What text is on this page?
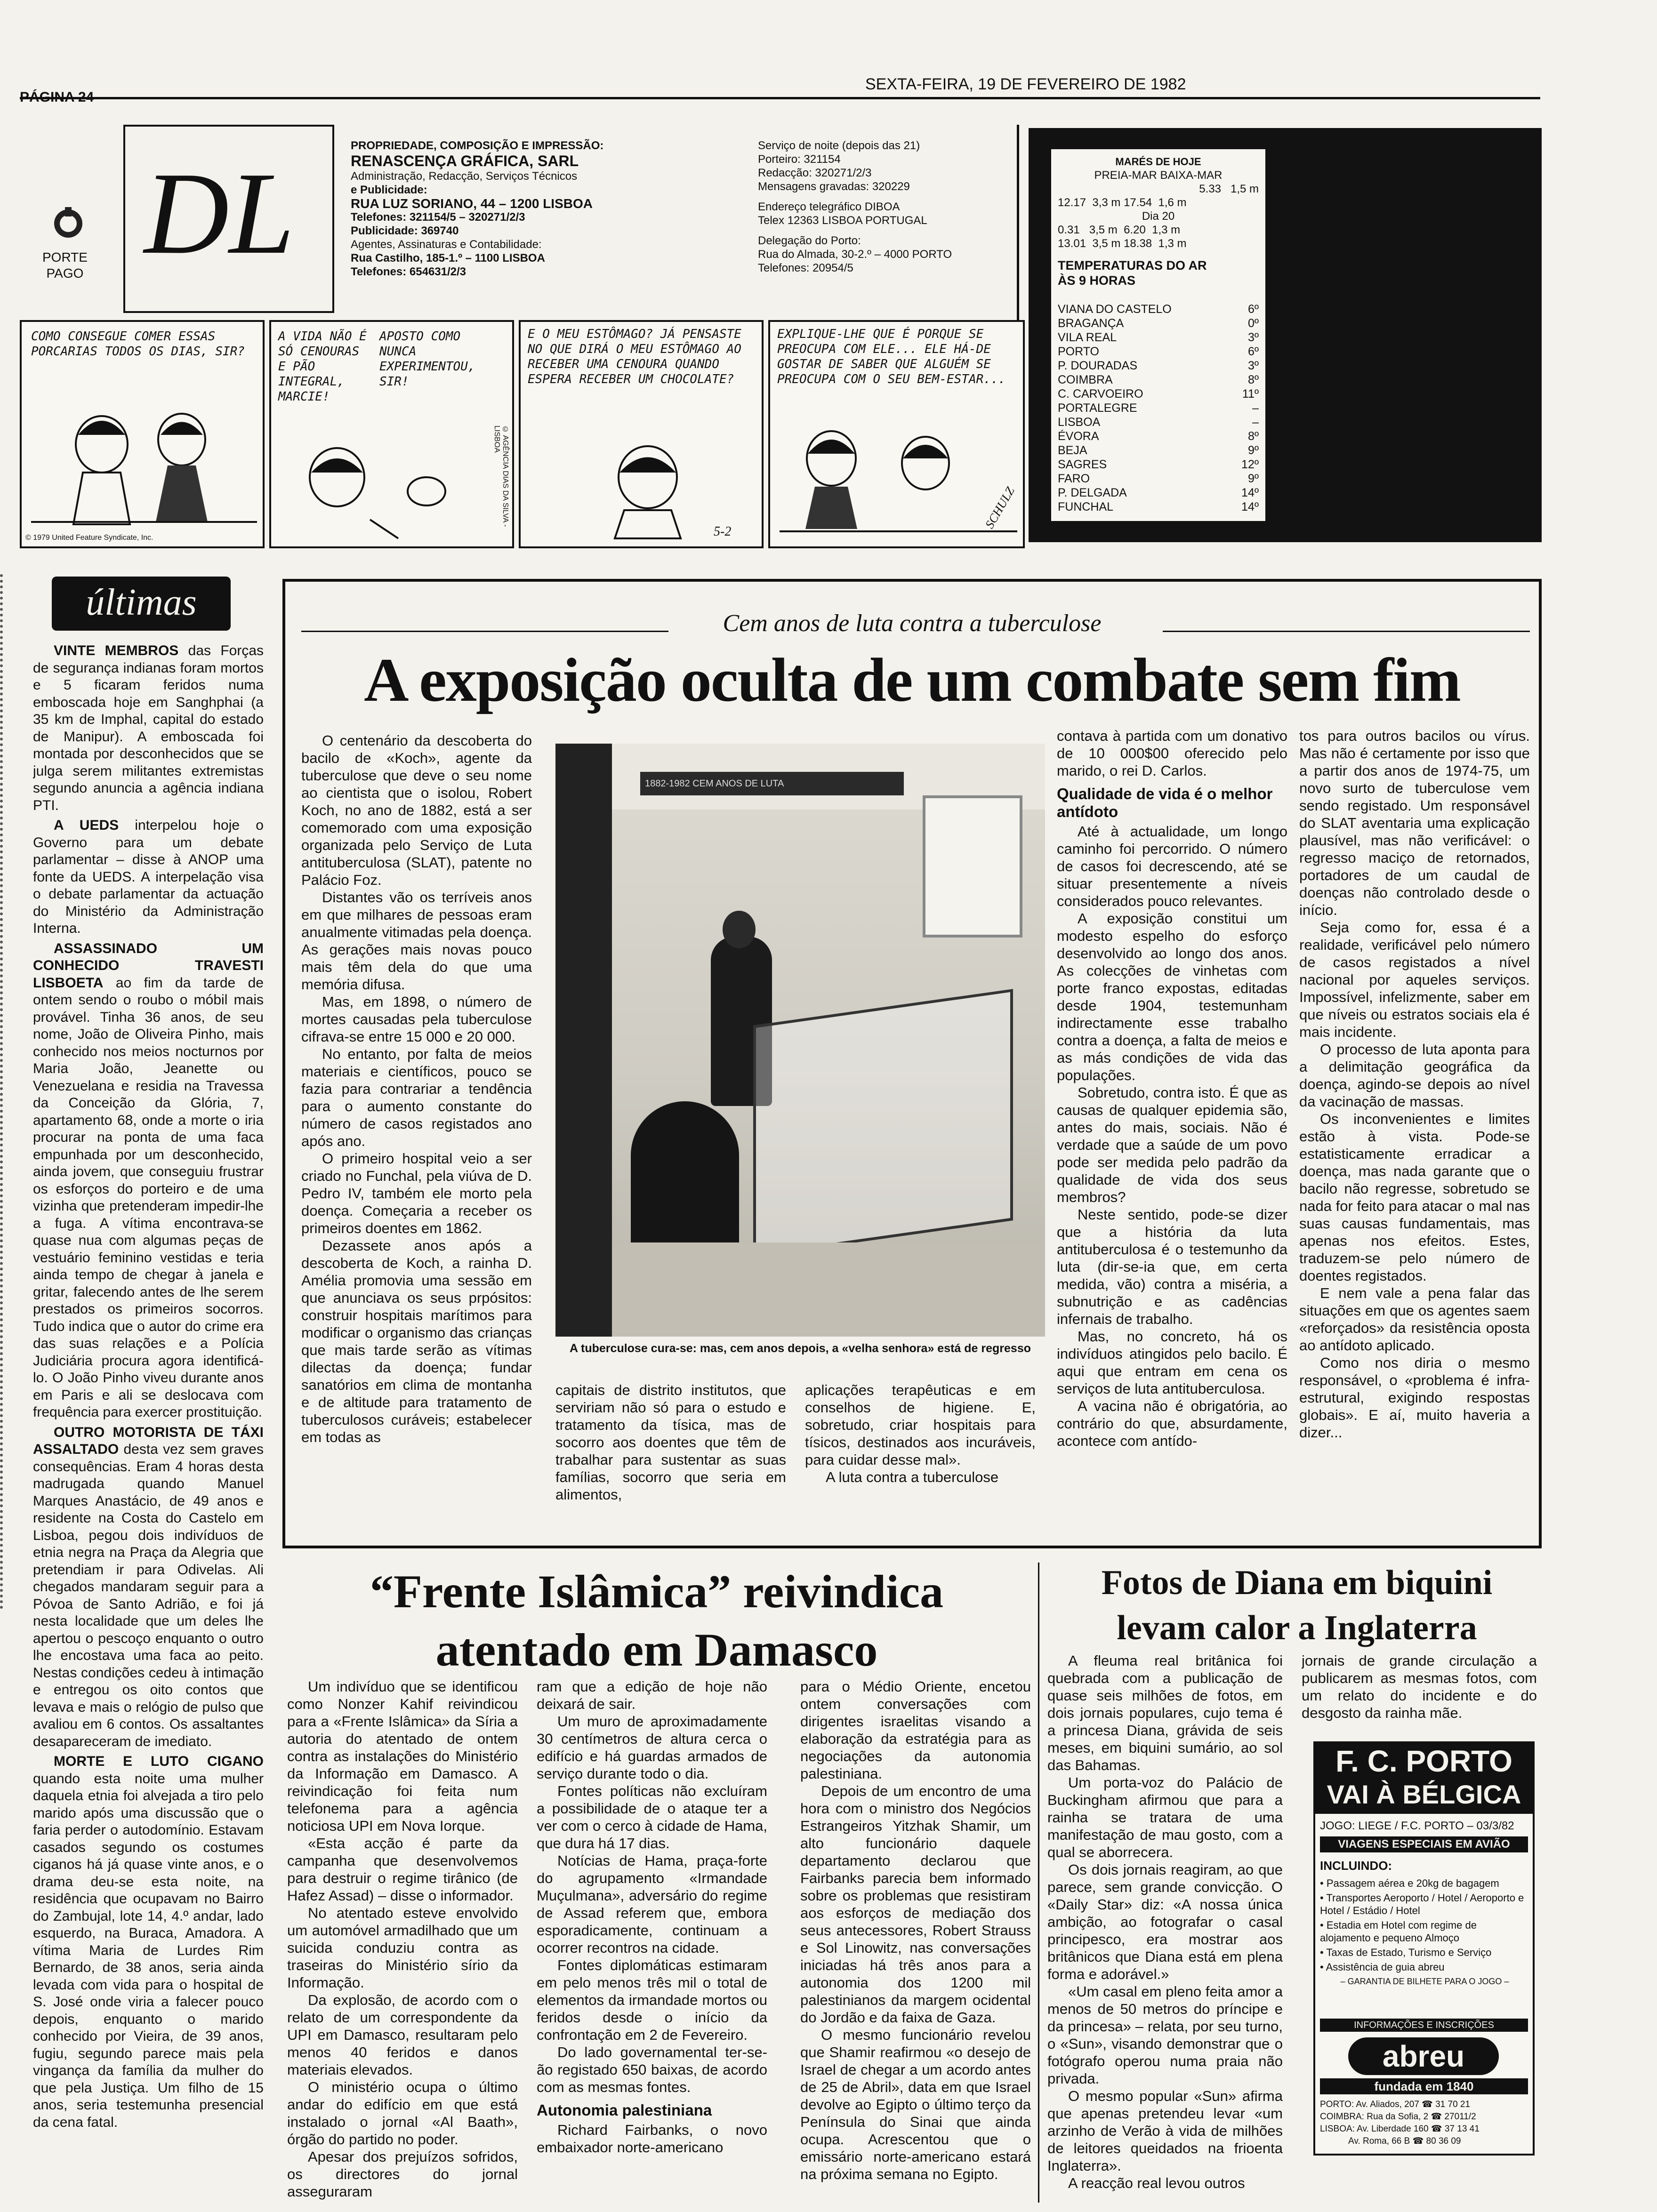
SEXTA-FEIRA, 19 DE FEVEREIRO DE 1982
PORTE
PAGO DL
PROPRIEDADE, COMPOSIÇÃO E IMPRESSÃO:
RENASCENÇA GRÁFICA, SARL
Administração, Redacção, Serviços Técnicos
e Publicidade:
RUA LUZ SORIANO, 44 – 1200 LISBOA
Telefones: 321154/5 – 320271/2/3
Publicidade: 369740
Agentes, Assinaturas e Contabilidade:
Rua Castilho, 185-1.º – 1100 LISBOA
Telefones: 654631/2/3
Serviço de noite (depois das 21)
Porteiro: 321154
Redacção: 320271/2/3
Mensagens gravadas: 320229
Endereço telegráfico DIBOA
Telex 12363 LISBOA PORTUGAL
Delegação do Porto:
Rua do Almada, 30-2.º – 4000 PORTO
Telefones: 20954/5
MARÉS DE HOJE
PREIA-MAR BAIXA-MAR
5.33   1,5 m
12.17  3,3 m 17.54  1,6 m
Dia 20
0.31   3,5 m  6.20  1,3 m
13.01  3,5 m 18.38  1,3 m
TEMPERATURAS DO AR
ÀS 9 HORAS
VIANA DO CASTELO	6º
BRAGANÇA	0º
VILA REAL	3º
PORTO	6º
P. DOURADAS	3º
COIMBRA	8º
C. CARVOEIRO	11º
PORTALEGRE	–
LISBOA	–
ÉVORA	8º
BEJA	9º
SAGRES	12º
FARO	9º
P. DELGADA	14º
FUNCHAL	14º
COMO CONSEGUE COMER ESSAS PORCARIAS TODOS OS DIAS, SIR?
© 1979 United Feature Syndicate, Inc.
A VIDA NÃO É SÓ CENOURAS E PÃO INTEGRAL, MARCIE!
APOSTO COMO NUNCA EXPERIMENTOU, SIR!
© AGÊNCIA DIAS DA SILVA - LISBOA
E O MEU ESTÔMAGO? JÁ PENSASTE NO QUE DIRÁ O MEU ESTÔMAGO AO RECEBER UMA CENOURA QUANDO ESPERA RECEBER UM CHOCOLATE?
5-2
EXPLIQUE-LHE QUE É PORQUE SE PREOCUPA COM ELE... ELE HÁ-DE GOSTAR DE SABER QUE ALGUÉM SE PREOCUPA COM O SEU BEM-ESTAR...
SCHULZ
últimas

VINTE MEMBROS das Forças de segurança indianas foram mortos e 5 ficaram feridos numa emboscada hoje em Sanghphai (a 35 km de Imphal, capital do estado de Manipur). A emboscada foi montada por desconhecidos que se julga serem militantes extremistas segundo anuncia a agência indiana PTI.

A UEDS interpelou hoje o Governo para um debate parlamentar – disse à ANOP uma fonte da UEDS. A interpelação visa o debate parlamentar da actuação do Ministério da Administração Interna.

ASSASSINADO UM CONHECIDO TRAVESTI LISBOETA ao fim da tarde de ontem sendo o roubo o móbil mais provável. Tinha 36 anos, de seu nome, João de Oliveira Pinho, mais conhecido nos meios nocturnos por Maria João, Jeanette ou Venezuelana e residia na Travessa da Conceição da Glória, 7, apartamento 68, onde a morte o iria procurar na ponta de uma faca empunhada por um desconhecido, ainda jovem, que conseguiu frustrar os esforços do porteiro e de uma vizinha que pretenderam impedir-lhe a fuga. A vítima encontrava-se quase nua com algumas peças de vestuário feminino vestidas e teria ainda tempo de chegar à janela e gritar, falecendo antes de lhe serem prestados os primeiros socorros. Tudo indica que o autor do crime era das suas relações e a Polícia Judiciária procura agora identificá-lo. O João Pinho viveu durante anos em Paris e ali se deslocava com frequência para exercer prostituição.

OUTRO MOTORISTA DE TÁXI ASSALTADO desta vez sem graves consequências. Eram 4 horas desta madrugada quando Manuel Marques Anastácio, de 49 anos e residente na Costa do Castelo em Lisboa, pegou dois indivíduos de etnia negra na Praça da Alegria que pretendiam ir para Odivelas. Ali chegados mandaram seguir para a Póvoa de Santo Adrião, e foi já nesta localidade que um deles lhe apertou o pescoço enquanto o outro lhe encostava uma faca ao peito. Nestas condições cedeu à intimação e entregou os oito contos que levava e mais o relógio de pulso que avaliou em 6 contos. Os assaltantes desapareceram de imediato.

MORTE E LUTO CIGANO quando esta noite uma mulher daquela etnia foi alvejada a tiro pelo marido após uma discussão que o faria perder o autodomínio. Estavam casados segundo os costumes ciganos há já quase vinte anos, e o drama deu-se esta noite, na residência que ocupavam no Bairro do Zambujal, lote 14, 4.º andar, lado esquerdo, na Buraca, Amadora. A vítima Maria de Lurdes Rim Bernardo, de 38 anos, seria ainda levada com vida para o hospital de S. José onde viria a falecer pouco depois, enquanto o marido conhecido por Vieira, de 39 anos, fugiu, segundo parece mais pela vingança da família da mulher do que pela Justiça. Um filho de 15 anos, seria testemunha presencial da cena fatal.

Cem anos de luta contra a tuberculose
A exposição oculta de um combate sem fim

O centenário da descoberta do bacilo de «Koch», agente da tuberculose que deve o seu nome ao cientista que o isolou, Robert Koch, no ano de 1882, está a ser comemorado com uma exposição organizada pelo Serviço de Luta antituberculosa (SLAT), patente no Palácio Foz.

Distantes vão os terríveis anos em que milhares de pessoas eram anualmente vitimadas pela doença. As gerações mais novas pouco mais têm dela do que uma memória difusa.

Mas, em 1898, o número de mortes causadas pela tuberculose cifrava-se entre 15 000 e 20 000.

No entanto, por falta de meios materiais e científicos, pouco se fazia para contrariar a tendência para o aumento constante do número de casos registados ano após ano.

O primeiro hospital veio a ser criado no Funchal, pela viúva de D. Pedro IV, também ele morto pela doença. Começaria a receber os primeiros doentes em 1862.

Dezassete anos após a descoberta de Koch, a rainha D. Amélia promovia uma sessão em que anunciava os seus prpósitos: construir hospitais marítimos para modificar o organismo das crianças que mais tarde serão as vítimas dilectas da doença; fundar sanatórios em clima de montanha e de altitude para tratamento de tuberculosos curáveis; estabelecer em todas as

1882-1982 CEM ANOS DE LUTA
A tuberculose cura-se: mas, cem anos depois, a «velha senhora» está de regresso

capitais de distrito institutos, que serviriam não só para o estudo e tratamento da tísica, mas de socorro aos doentes que têm de trabalhar para sustentar as suas famílias, socorro que seria em alimentos,

aplicações terapêuticas e em conselhos de higiene. E, sobretudo, criar hospitais para tísicos, destinados aos incuráveis, para cuidar desse mal».

A luta contra a tuberculose

contava à partida com um donativo de 10 000$00 oferecido pelo marido, o rei D. Carlos.

Qualidade de vida é o melhor antídoto

Até à actualidade, um longo caminho foi percorrido. O número de casos foi decrescendo, até se situar presentemente a níveis considerados pouco relevantes.

A exposição constitui um modesto espelho do esforço desenvolvido ao longo dos anos. As colecções de vinhetas com porte franco expostas, editadas desde 1904, testemunham indirectamente esse trabalho contra a doença, a falta de meios e as más condições de vida das populações.

Sobretudo, contra isto. É que as causas de qualquer epidemia são, antes do mais, sociais. Não é verdade que a saúde de um povo pode ser medida pelo padrão da qualidade de vida dos seus membros?

Neste sentido, pode-se dizer que a história da luta antituberculosa é o testemunho da luta (dir-se-ia que, em certa medida, vão) contra a miséria, a subnutrição e as cadências infernais de trabalho.

Mas, no concreto, há os indivíduos atingidos pelo bacilo. É aqui que entram em cena os serviços de luta antituberculosa.

A vacina não é obrigatória, ao contrário do que, absurdamente, acontece com antído-

tos para outros bacilos ou vírus. Mas não é certamente por isso que a partir dos anos de 1974-75, um novo surto de tuberculose vem sendo registado. Um responsável do SLAT aventaria uma explicação plausível, mas não verificável: o regresso maciço de retornados, portadores de um caudal de doenças não controlado desde o início.

Seja como for, essa é a realidade, verificável pelo número de casos registados a nível nacional por aqueles serviços. Impossível, infelizmente, saber em que níveis ou estratos sociais ela é mais incidente.

O processo de luta aponta para a delimitação geográfica da doença, agindo-se depois ao nível da vacinação de massas.

Os inconvenientes e limites estão à vista. Pode-se estatisticamente erradicar a doença, mas nada garante que o bacilo não regresse, sobretudo se nada for feito para atacar o mal nas suas causas fundamentais, mas apenas nos efeitos. Estes, traduzem-se pelo número de doentes registados.

E nem vale a pena falar das situações em que os agentes saem «reforçados» da resistência oposta ao antídoto aplicado.

Como nos diria o mesmo responsável, o «problema é infra-estrutural, exigindo respostas globais». E aí, muito haveria a dizer...

“Frente Islâmica” reivindica atentado em Damasco

Um indivíduo que se identificou como Nonzer Kahif reivindicou para a «Frente Islâmica» da Síria a autoria do atentado de ontem contra as instalações do Ministério da Informação em Damasco. A reivindicação foi feita num telefonema para a agência noticiosa UPI em Nova Iorque.

«Esta acção é parte da campanha que desenvolvemos para destruir o regime tirânico (de Hafez Assad) – disse o informador.

No atentado esteve envolvido um automóvel armadilhado que um suicida conduziu contra as traseiras do Ministério sírio da Informação.

Da explosão, de acordo com o relato de um correspondente da UPI em Damasco, resultaram pelo menos 40 feridos e danos materiais elevados.

O ministério ocupa o último andar do edifício em que está instalado o jornal «Al Baath», órgão do partido no poder.

Apesar dos prejuízos sofridos, os directores do jornal asseguraram

ram que a edição de hoje não deixará de sair.

Um muro de aproximadamente 30 centímetros de altura cerca o edifício e há guardas armados de serviço durante todo o dia.

Fontes políticas não excluíram a possibilidade de o ataque ter a ver com o cerco à cidade de Hama, que dura há 17 dias.

Notícias de Hama, praça-forte do agrupamento «Irmandade Muçulmana», adversário do regime de Assad referem que, embora esporadicamente, continuam a ocorrer recontros na cidade.

Fontes diplomáticas estimaram em pelo menos três mil o total de elementos da irmandade mortos ou feridos desde o início da confrontação em 2 de Fevereiro.

Do lado governamental ter-se-ão registado 650 baixas, de acordo com as mesmas fontes.

Autonomia palestiniana

Richard Fairbanks, o novo embaixador norte-americano

para o Médio Oriente, encetou ontem conversações com dirigentes israelitas visando a elaboração da estratégia para as negociações da autonomia palestiniana.

Depois de um encontro de uma hora com o ministro dos Negócios Estrangeiros Yitzhak Shamir, um alto funcionário daquele departamento declarou que Fairbanks parecia bem informado sobre os problemas que resistiram aos esforços de mediação dos seus antecessores, Robert Strauss e Sol Linowitz, nas conversações iniciadas há três anos para a autonomia dos 1200 mil palestinianos da margem ocidental do Jordão e da faixa de Gaza.

O mesmo funcionário revelou que Shamir reafirmou «o desejo de Israel de chegar a um acordo antes de 25 de Abril», data em que Israel devolve ao Egipto o último terço da Península do Sinai que ainda ocupa. Acrescentou que o emissário norte-americano estará na próxima semana no Egipto.

Fotos de Diana em biquini levam calor a Inglaterra

A fleuma real britânica foi quebrada com a publicação de quase seis milhões de fotos, em dois jornais populares, cujo tema é a princesa Diana, grávida de seis meses, em biquini sumário, ao sol das Bahamas.

Um porta-voz do Palácio de Buckingham afirmou que para a rainha se tratara de uma manifestação de mau gosto, com a qual se aborrecera.

Os dois jornais reagiram, ao que parece, sem grande convicção. O «Daily Star» diz: «A nossa única ambição, ao fotografar o casal principesco, era mostrar aos britânicos que Diana está em plena forma e adorável.»

«Um casal em pleno feita amor a menos de 50 metros do príncipe e da princesa» – relata, por seu turno, o «Sun», visando demonstrar que o fotógrafo operou numa praia não privada.

O mesmo popular «Sun» afirma que apenas pretendeu levar «um arzinho de Verão à vida de milhões de leitores queidados na frioenta Inglaterra».

A reacção real levou outros

jornais de grande circulação a publicarem as mesmas fotos, com um relato do incidente e do desgosto da rainha mãe.

F. C. PORTO
VAI À BÉLGICA
JOGO: LIEGE / F.C. PORTO – 03/3/82
VIAGENS ESPECIAIS EM AVIÃO
INCLUINDO:
• Passagem aérea e 20kg de bagagem
• Transportes Aeroporto / Hotel / Aeroporto e Hotel / Estádio / Hotel
• Estadia em Hotel com regime de alojamento e pequeno Almoço
• Taxas de Estado, Turismo e Serviço
• Assistência de guia abreu
– GARANTIA DE BILHETE PARA O JOGO –
INFORMAÇÕES E INSCRIÇÕES
abreu
fundada em 1840
PORTO: Av. Aliados, 207 ☎ 31 70 21
COIMBRA: Rua da Sofia, 2 ☎ 27011/2
LISBOA: Av. Liberdade 160 ☎ 37 13 41
Av. Roma, 66 B ☎ 80 36 09
